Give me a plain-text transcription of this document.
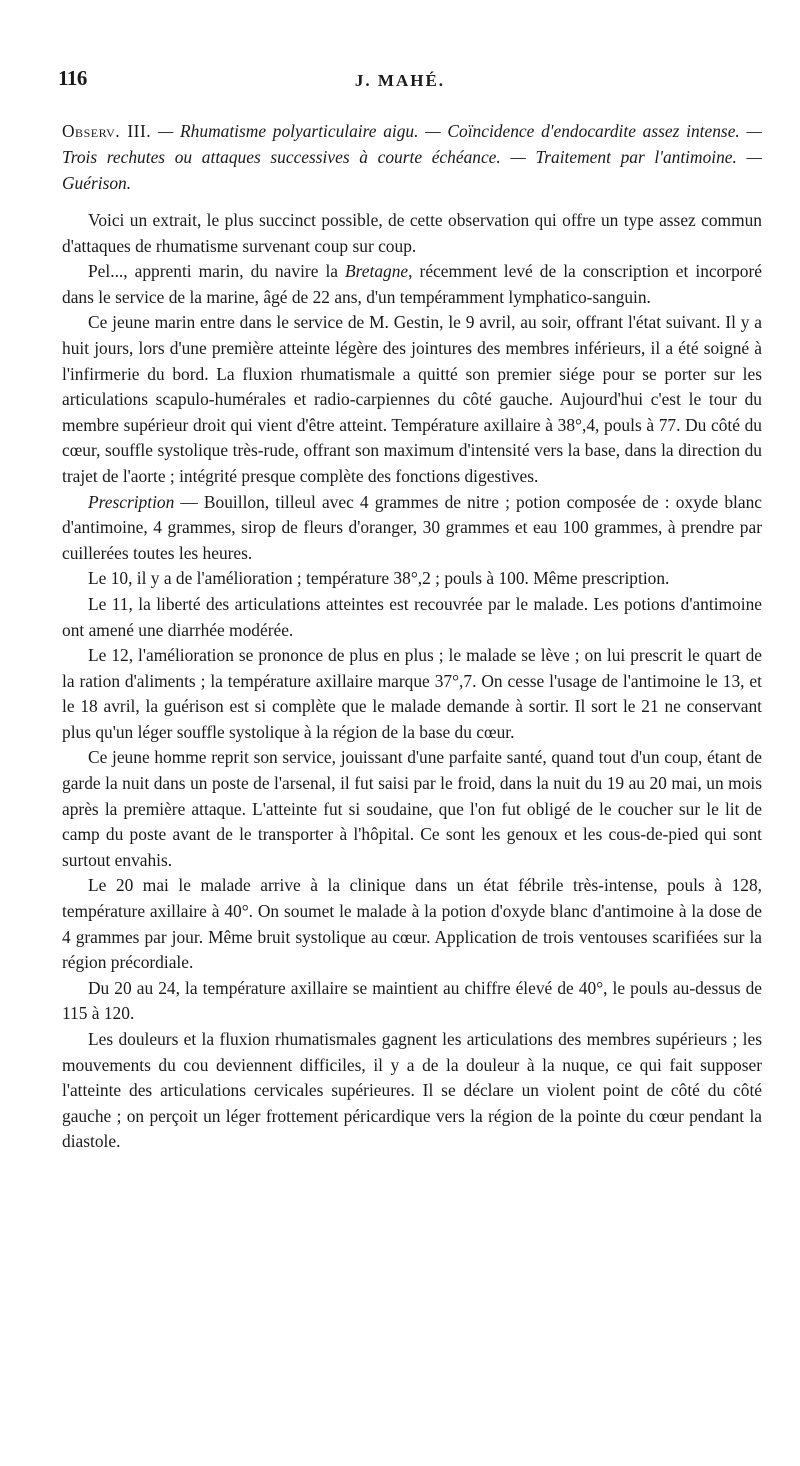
116	J. MAHÉ.

Observ. III. — Rhumatisme polyarticulaire aigu. — Coïncidence d'endocardite assez intense. — Trois rechutes ou attaques successives à courte échéance. — Traitement par l'antimoine. — Guérison.

Voici un extrait, le plus succinct possible, de cette observation qui offre un type assez commun d'attaques de rhumatisme survenant coup sur coup.

Pel..., apprenti marin, du navire la Bretagne, récemment levé de la conscription et incorporé dans le service de la marine, âgé de 22 ans, d'un tempéramment lymphatico-sanguin.

Ce jeune marin entre dans le service de M. Gestin, le 9 avril, au soir, offrant l'état suivant. Il y a huit jours, lors d'une première atteinte légère des jointures des membres inférieurs, il a été soigné à l'infirmerie du bord. La fluxion rhumatismale a quitté son premier siége pour se porter sur les articulations scapulo-humérales et radio-carpiennes du côté gauche. Aujourd'hui c'est le tour du membre supérieur droit qui vient d'être atteint. Température axillaire à 38°,4, pouls à 77. Du côté du cœur, souffle systolique très-rude, offrant son maximum d'intensité vers la base, dans la direction du trajet de l'aorte ; intégrité presque complète des fonctions digestives.

Prescription — Bouillon, tilleul avec 4 grammes de nitre ; potion composée de : oxyde blanc d'antimoine, 4 grammes, sirop de fleurs d'oranger, 30 grammes et eau 100 grammes, à prendre par cuillerées toutes les heures.

Le 10, il y a de l'amélioration ; température 38°,2 ; pouls à 100. Même prescription.

Le 11, la liberté des articulations atteintes est recouvrée par le malade. Les potions d'antimoine ont amené une diarrhée modérée.

Le 12, l'amélioration se prononce de plus en plus ; le malade se lève ; on lui prescrit le quart de la ration d'aliments ; la température axillaire marque 37°,7. On cesse l'usage de l'antimoine le 13, et le 18 avril, la guérison est si complète que le malade demande à sortir. Il sort le 21 ne conservant plus qu'un léger souffle systolique à la région de la base du cœur.

Ce jeune homme reprit son service, jouissant d'une parfaite santé, quand tout d'un coup, étant de garde la nuit dans un poste de l'arsenal, il fut saisi par le froid, dans la nuit du 19 au 20 mai, un mois après la première attaque. L'atteinte fut si soudaine, que l'on fut obligé de le coucher sur le lit de camp du poste avant de le transporter à l'hôpital. Ce sont les genoux et les cous-de-pied qui sont surtout envahis.

Le 20 mai le malade arrive à la clinique dans un état fébrile très-intense, pouls à 128, température axillaire à 40°. On soumet le malade à la potion d'oxyde blanc d'antimoine à la dose de 4 grammes par jour. Même bruit systolique au cœur. Application de trois ventouses scarifiées sur la région précordiale.

Du 20 au 24, la température axillaire se maintient au chiffre élevé de 40°, le pouls au-dessus de 115 à 120.

Les douleurs et la fluxion rhumatismales gagnent les articulations des membres supérieurs ; les mouvements du cou deviennent difficiles, il y a de la douleur à la nuque, ce qui fait supposer l'atteinte des articulations cervicales supérieures. Il se déclare un violent point de côté du côté gauche ; on perçoit un léger frottement péricardique vers la région de la pointe du cœur pendant la diastole.
